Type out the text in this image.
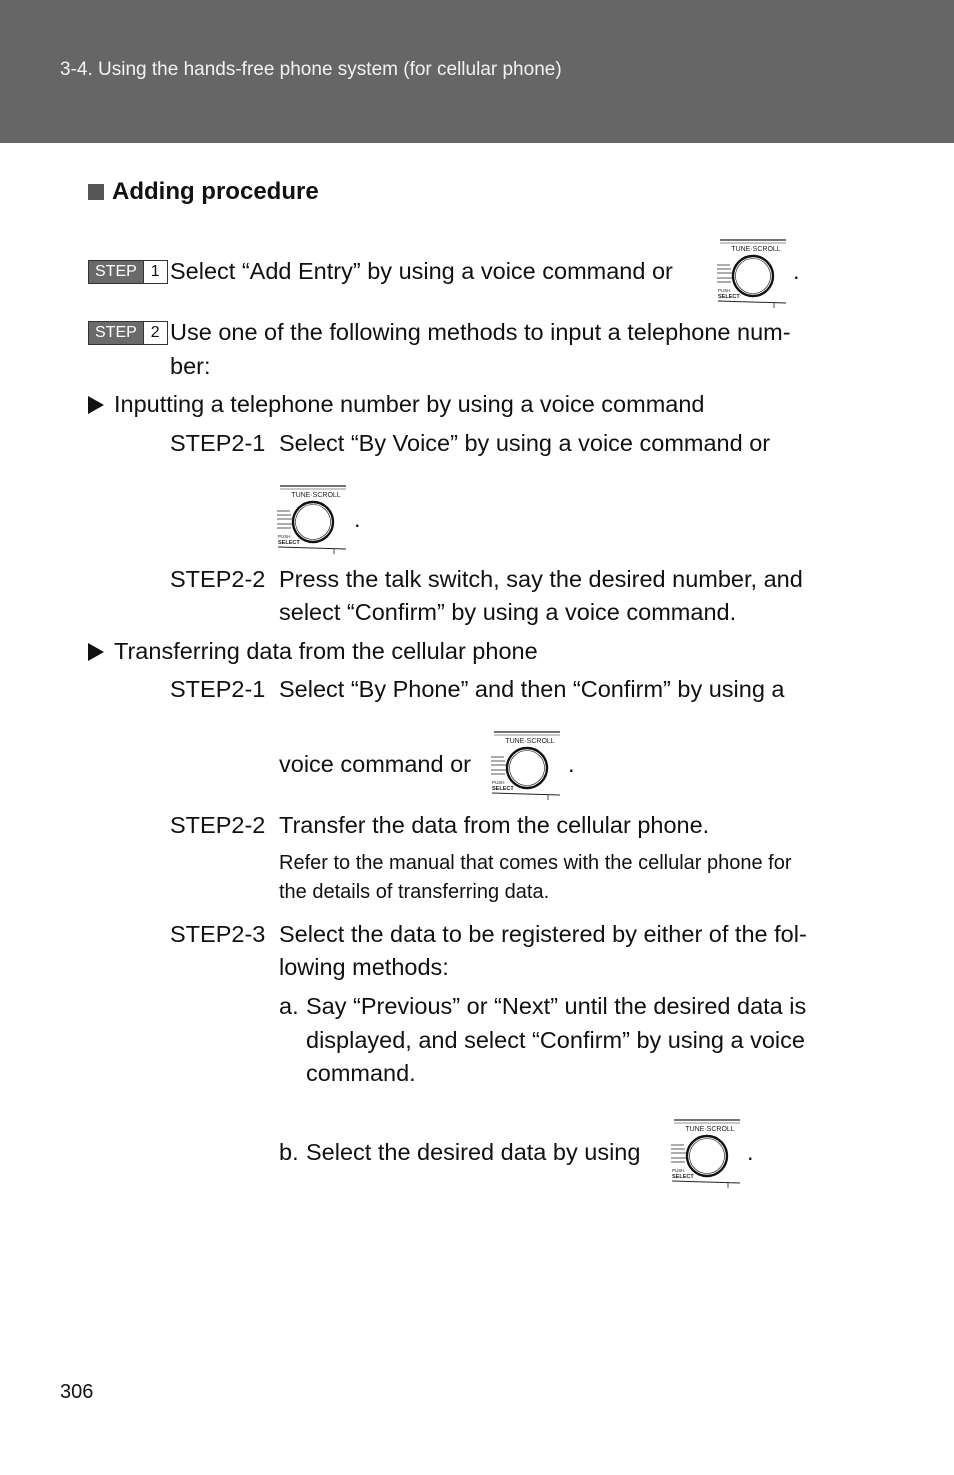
3-4. Using the hands-free phone system (for cellular phone)
Adding procedure
STEP 1 Select “Add Entry” by using a voice command or
TUNE·SCROLL
PUSH
SELECT
.
STEP 2 Use one of the following methods to input a telephone num-
ber:
Inputting a telephone number by using a voice command
STEP2-1 Select “By Voice” by using a voice command or
TUNE·SCROLL
PUSH
SELECT
.
STEP2-2 Press the talk switch, say the desired number, and
select “Confirm” by using a voice command.
Transferring data from the cellular phone
STEP2-1 Select “By Phone” and then “Confirm” by using a
voice command or
TUNE·SCROLL
PUSH
SELECT
.
STEP2-2 Transfer the data from the cellular phone.
Refer to the manual that comes with the cellular phone for
the details of transferring data.
STEP2-3 Select the data to be registered by either of the fol-
lowing methods:
a. Say “Previous” or “Next” until the desired data is
displayed, and select “Confirm” by using a voice
command.
b. Select the desired data by using
TUNE·SCROLL
PUSH
SELECT
.
306
